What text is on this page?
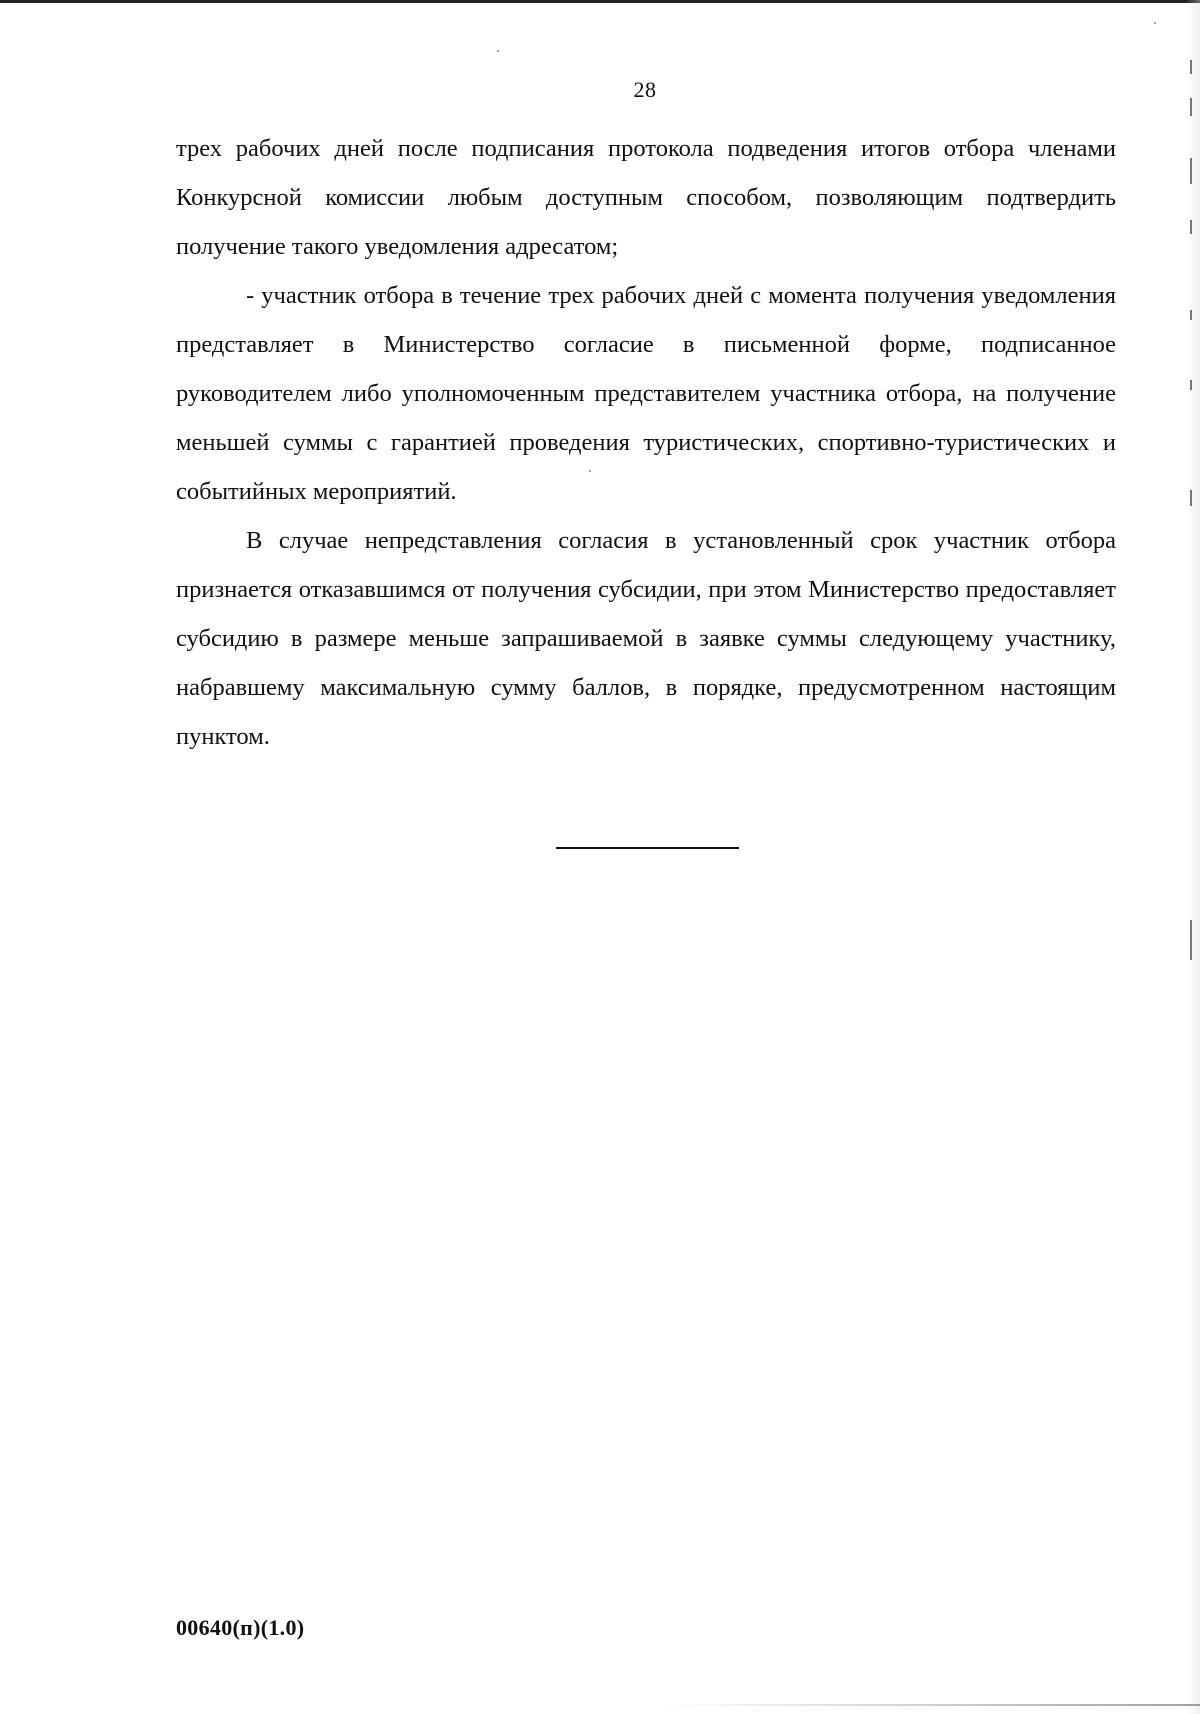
28

трех рабочих дней после подписания протокола подведения итогов отбора членами Конкурсной комиссии любым доступным способом, позволяющим подтвердить получение такого уведомления адресатом;

- участник отбора в течение трех рабочих дней с момента получения уведомления представляет в Министерство согласие в письменной форме, подписанное руководителем либо уполномоченным представителем участника отбора, на получение меньшей суммы с гарантией проведения туристических, спортивно-туристических и событийных мероприятий.

В случае непредставления согласия в установленный срок участник отбора признается отказавшимся от получения субсидии, при этом Министерство предоставляет субсидию в размере меньше запрашиваемой в заявке суммы следующему участнику, набравшему максимальную сумму баллов, в порядке, предусмотренном настоящим пунктом.

00640(п)(1.0)
